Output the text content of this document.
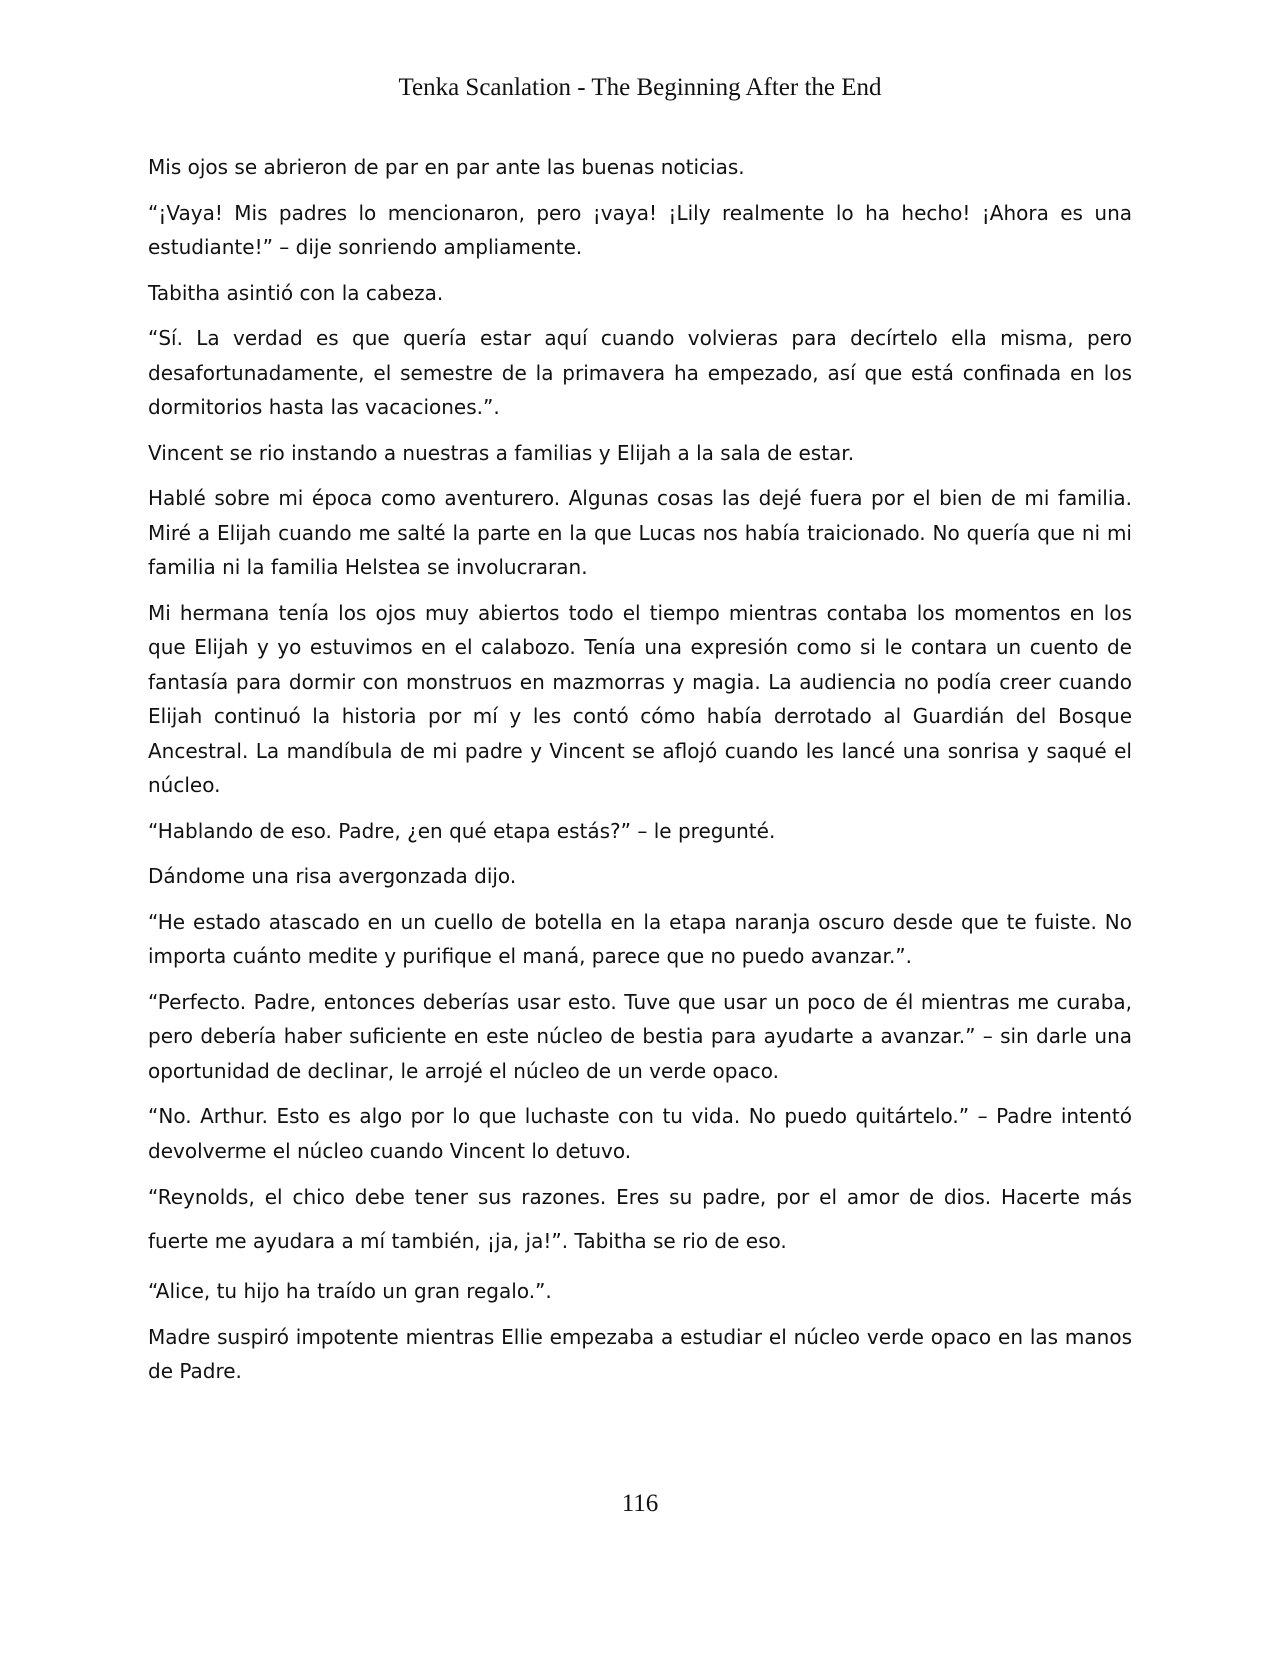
Tenka Scanlation - The Beginning After the End

Mis ojos se abrieron de par en par ante las buenas noticias.

“¡Vaya! Mis padres lo mencionaron, pero ¡vaya! ¡Lily realmente lo ha hecho! ¡Ahora es una estudiante!” – dije sonriendo ampliamente.

Tabitha asintió con la cabeza.

“Sí. La verdad es que quería estar aquí cuando volvieras para decírtelo ella misma, pero desafortunadamente, el semestre de la primavera ha empezado, así que está confinada en los dormitorios hasta las vacaciones.”.

Vincent se rio instando a nuestras a familias y Elijah a la sala de estar.

Hablé sobre mi época como aventurero. Algunas cosas las dejé fuera por el bien de mi familia. Miré a Elijah cuando me salté la parte en la que Lucas nos había traicionado. No quería que ni mi familia ni la familia Helstea se involucraran.

Mi hermana tenía los ojos muy abiertos todo el tiempo mientras contaba los momentos en los que Elijah y yo estuvimos en el calabozo. Tenía una expresión como si le contara un cuento de fantasía para dormir con monstruos en mazmorras y magia. La audiencia no podía creer cuando Elijah continuó la historia por mí y les contó cómo había derrotado al Guardián del Bosque Ancestral. La mandíbula de mi padre y Vincent se aflojó cuando les lancé una sonrisa y saqué el núcleo.

“Hablando de eso. Padre, ¿en qué etapa estás?” – le pregunté.

Dándome una risa avergonzada dijo.

“He estado atascado en un cuello de botella en la etapa naranja oscuro desde que te fuiste. No importa cuánto medite y purifique el maná, parece que no puedo avanzar.”.

“Perfecto. Padre, entonces deberías usar esto. Tuve que usar un poco de él mientras me curaba, pero debería haber suficiente en este núcleo de bestia para ayudarte a avanzar.” – sin darle una oportunidad de declinar, le arrojé el núcleo de un verde opaco.

“No. Arthur. Esto es algo por lo que luchaste con tu vida. No puedo quitártelo.” – Padre intentó devolverme el núcleo cuando Vincent lo detuvo.

“Reynolds, el chico debe tener sus razones. Eres su padre, por el amor de dios. Hacerte más fuerte me ayudara a mí también, ¡ja, ja!”. Tabitha se rio de eso.

“Alice, tu hijo ha traído un gran regalo.”.

Madre suspiró impotente mientras Ellie empezaba a estudiar el núcleo verde opaco en las manos de Padre.

116
